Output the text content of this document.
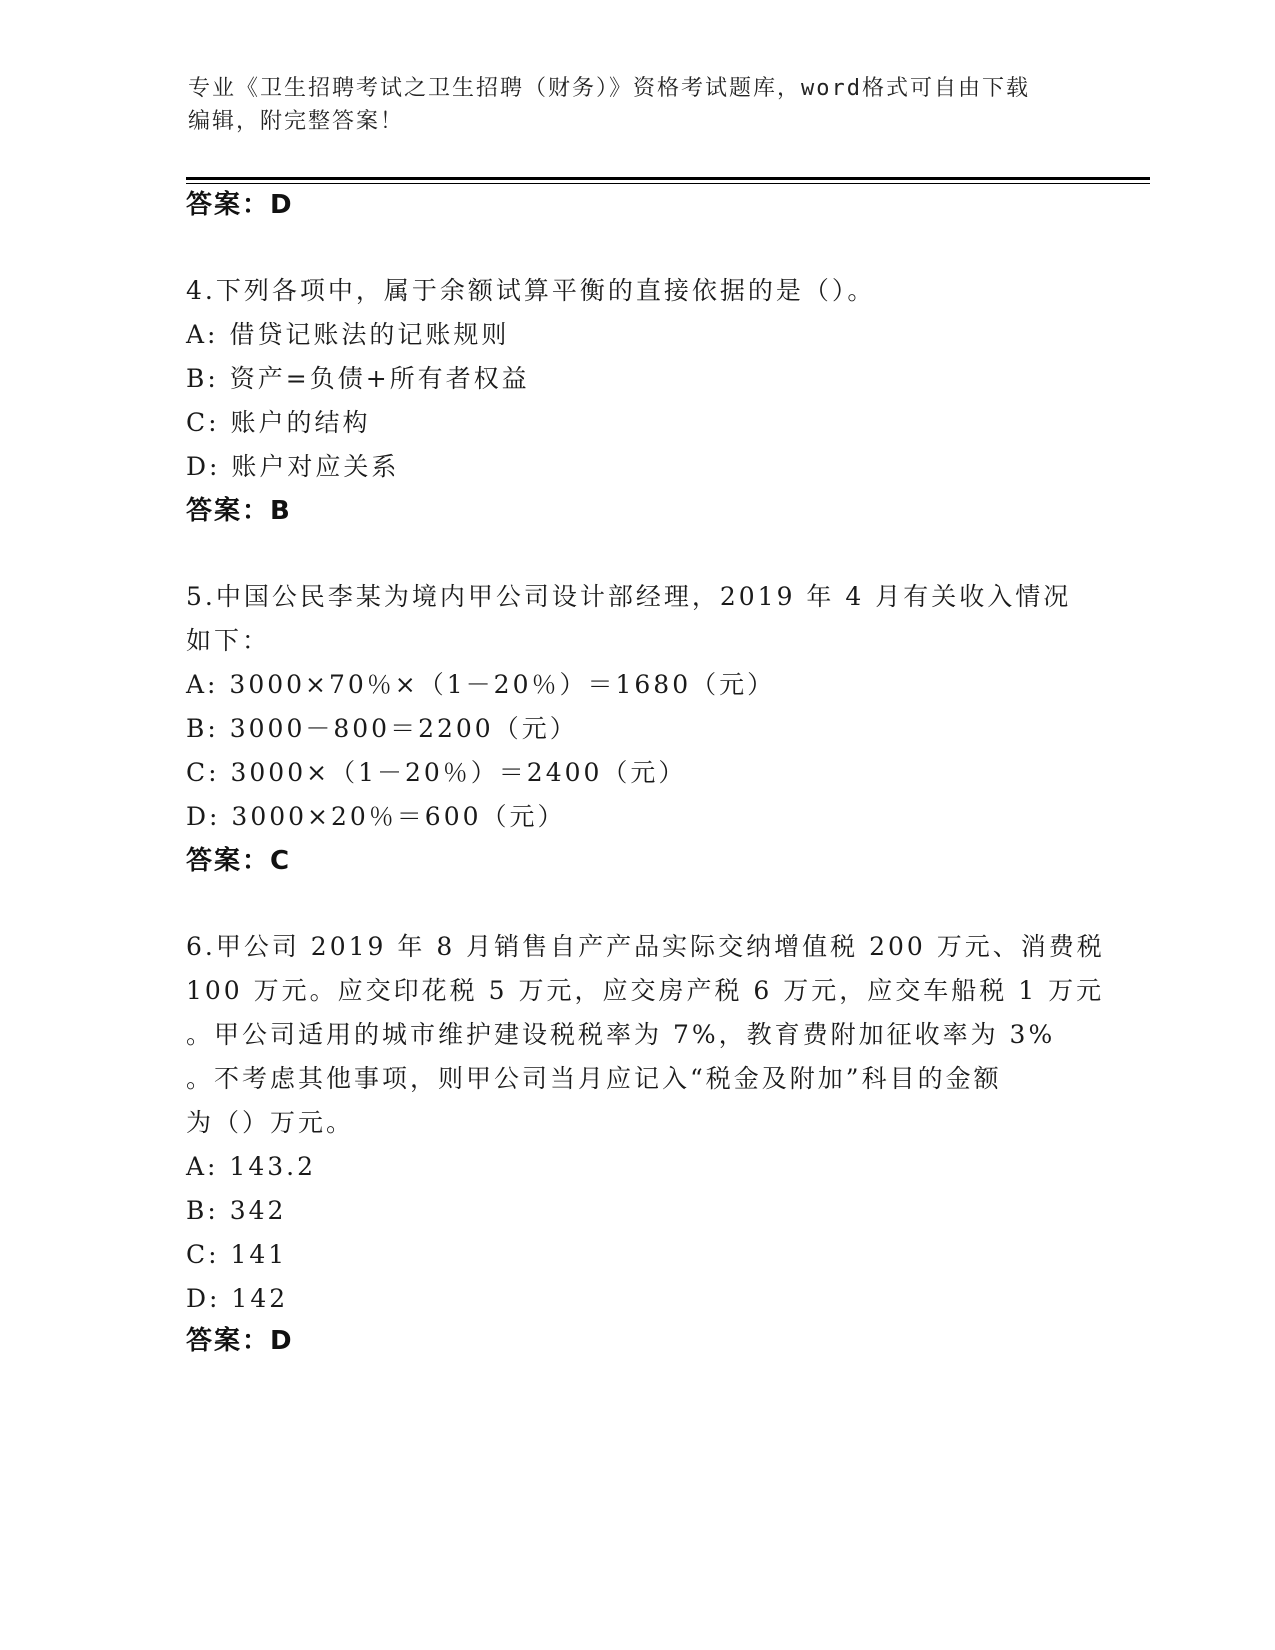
专业《卫生招聘考试之卫生招聘（财务）》资格考试题库，word格式可自由下载
编辑，附完整答案！
答案：D
4.下列各项中，属于余额试算平衡的直接依据的是（）。
A: 借贷记账法的记账规则
B: 资产=负债+所有者权益
C: 账户的结构
D: 账户对应关系
答案：B
5.中国公民李某为境内甲公司设计部经理，2019 年 4 月有关收入情况
如下：
A: 3000×70％×（1－20％）＝1680（元）
B: 3000－800＝2200（元）
C: 3000×（1－20％）＝2400（元）
D: 3000×20％＝600（元）
答案：C
6.甲公司 2019 年 8 月销售自产产品实际交纳增值税 200 万元、消费税
100 万元。应交印花税 5 万元，应交房产税 6 万元，应交车船税 1 万元
。甲公司适用的城市维护建设税税率为 7%，教育费附加征收率为 3%
。不考虑其他事项，则甲公司当月应记入“税金及附加”科目的金额
为（）万元。
A: 143.2
B: 342
C: 141
D: 142
答案：D
